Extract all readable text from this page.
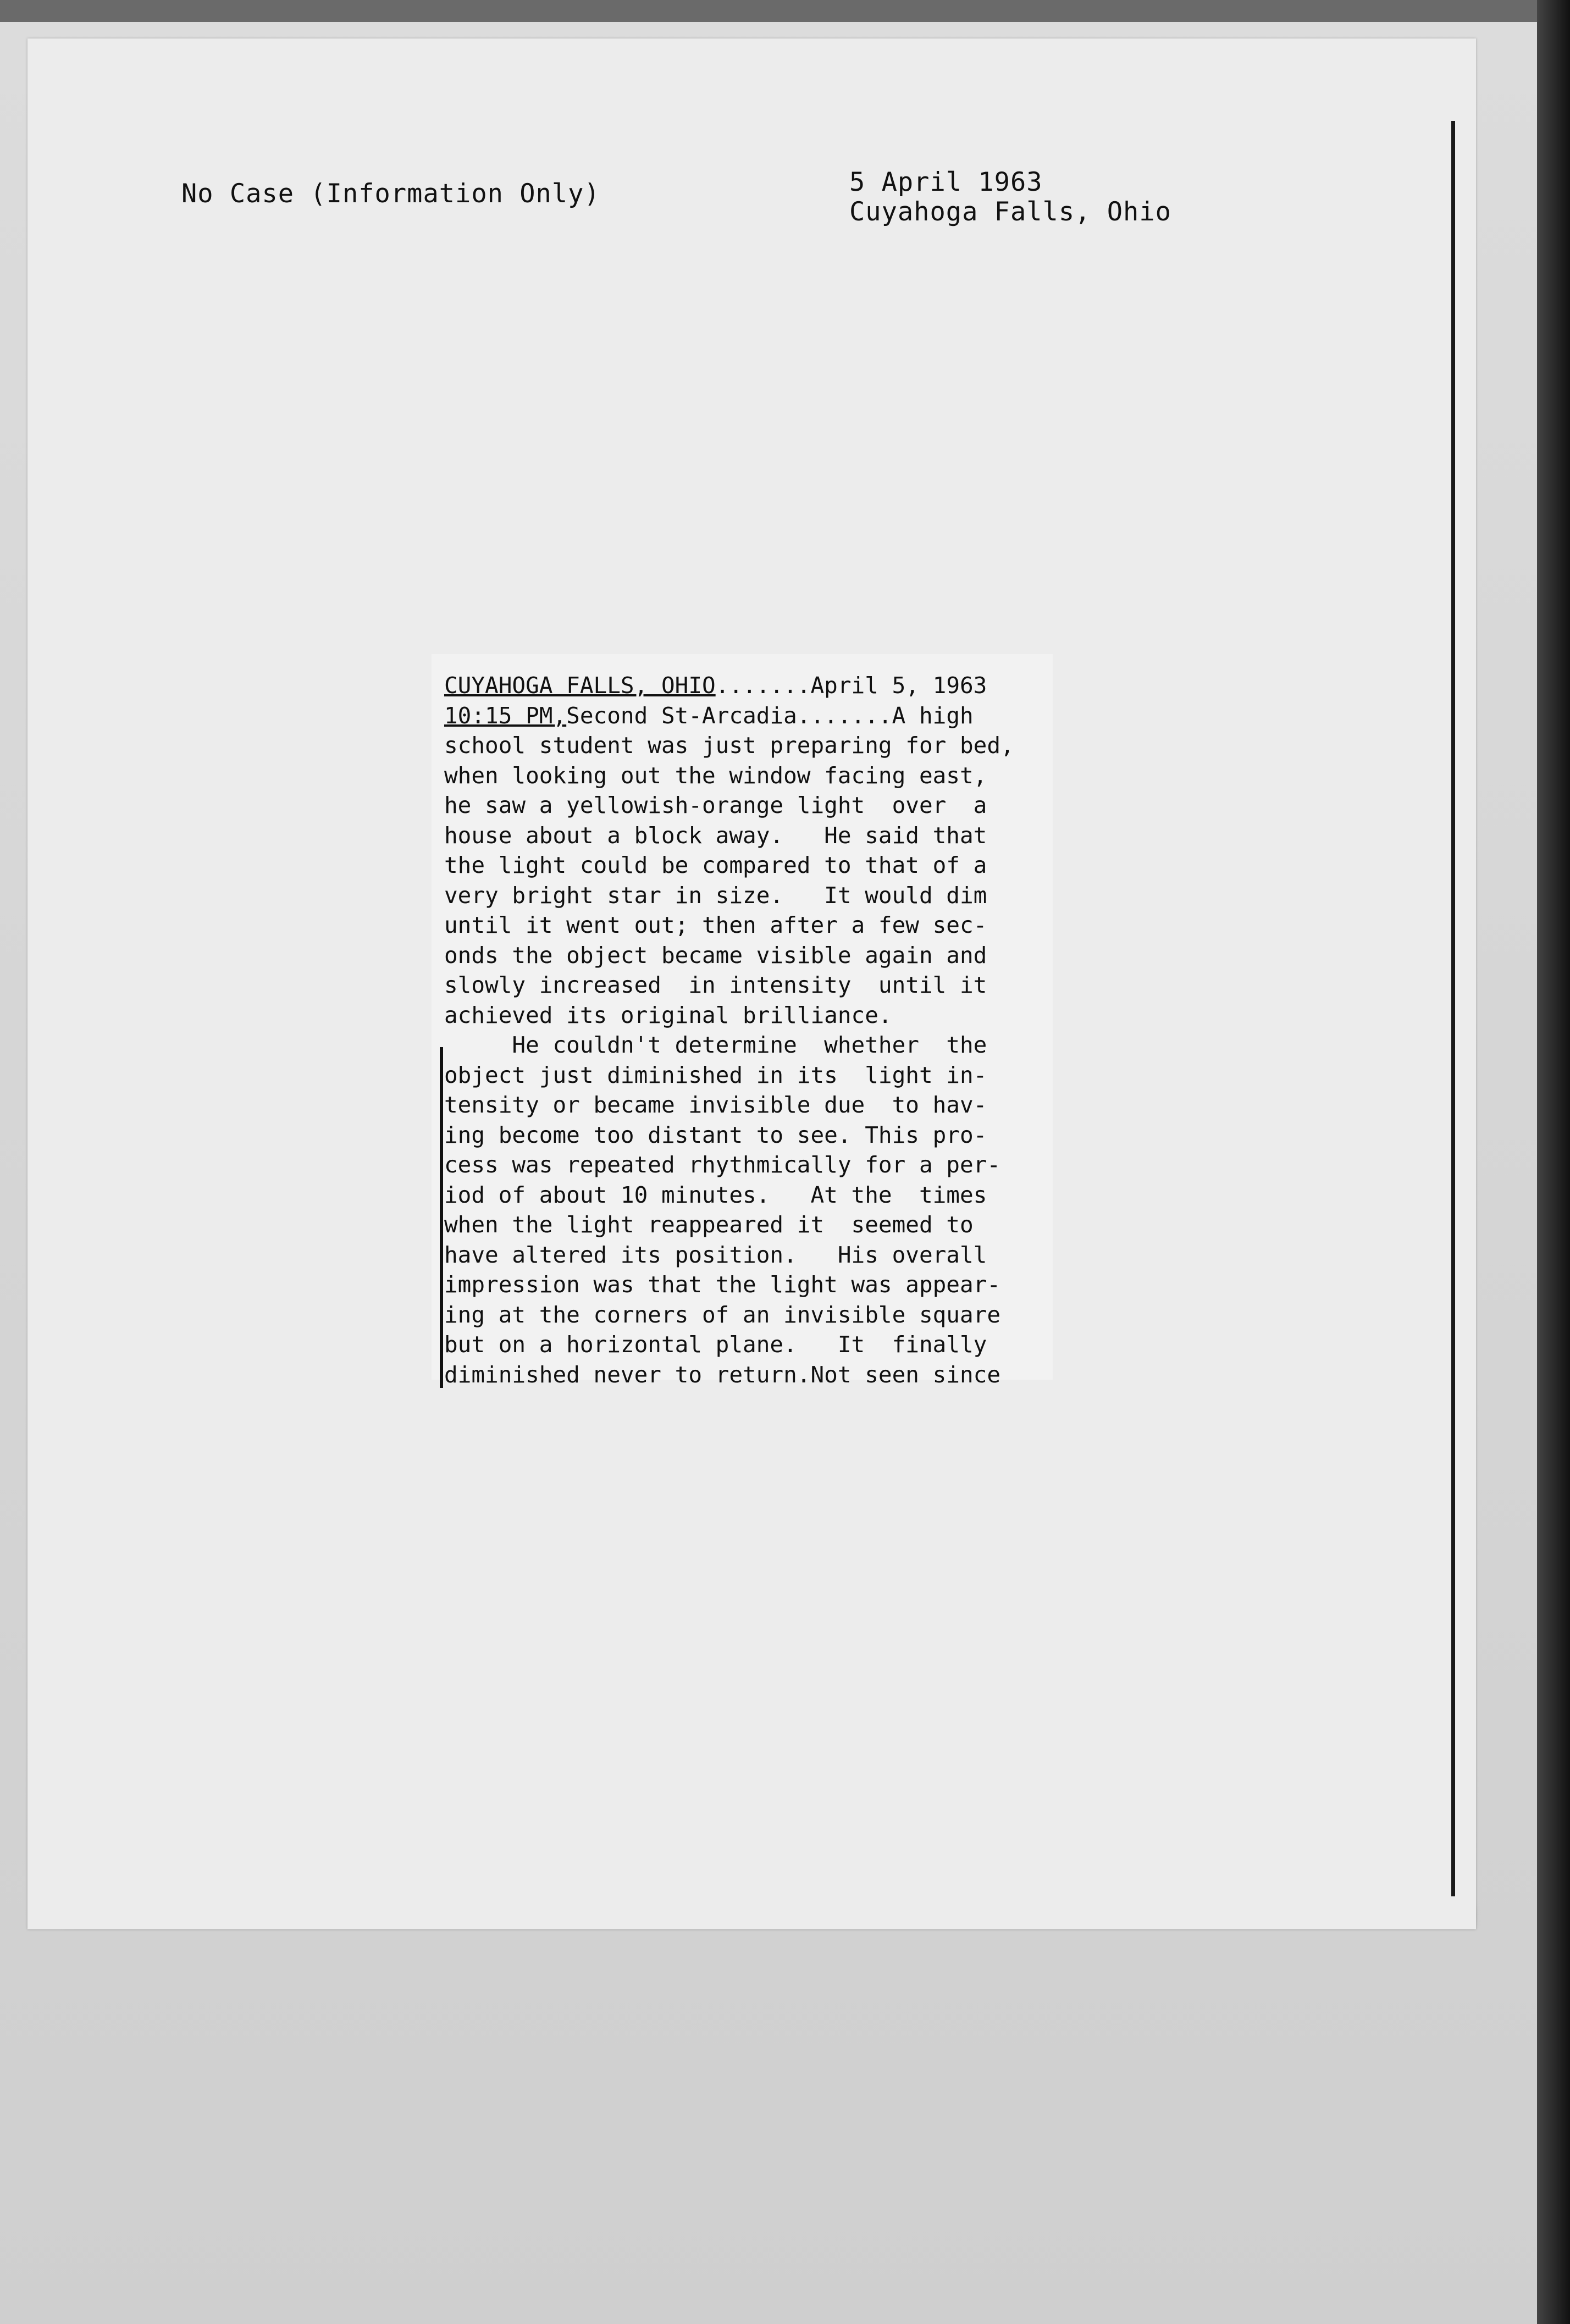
No Case (Information Only)	5 April 1963
Cuyahoga Falls, Ohio
CUYAHOGA FALLS, OHIO.......April 5, 1963
10:15 PM,Second St-Arcadia.......A high
school student was just preparing for bed,
when looking out the window facing east,
he saw a yellowish-orange light  over  a
house about a block away.   He said that
the light could be compared to that of a
very bright star in size.   It would dim
until it went out; then after a few sec-
onds the object became visible again and
slowly increased  in intensity  until it
achieved its original brilliance.
He couldn't determine  whether  the
object just diminished in its  light in-
tensity or became invisible due  to hav-
ing become too distant to see. This pro-
cess was repeated rhythmically for a per-
iod of about 10 minutes.   At the  times
when the light reappeared it  seemed to
have altered its position.   His overall
impression was that the light was appear-
ing at the corners of an invisible square
but on a horizontal plane.   It  finally
diminished never to return.Not seen since
